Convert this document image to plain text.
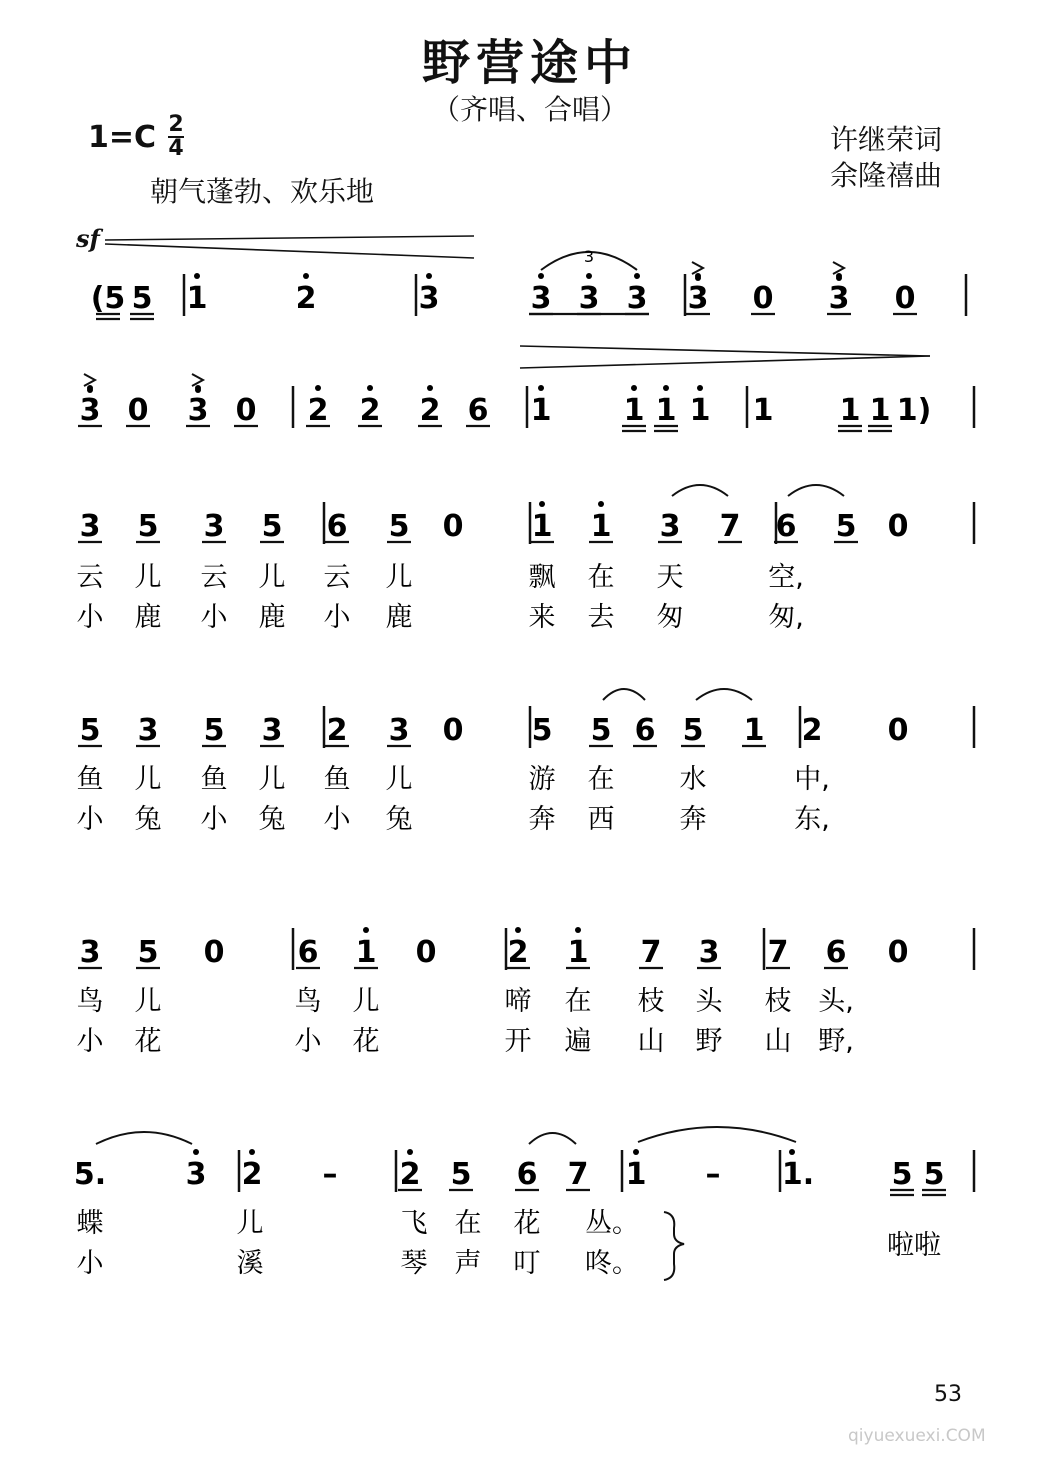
野营途中
（齐唱、合唱）
1=C 2
4
朝气蓬勃、欢乐地
许继荣词
余隆禧曲
sf
53
qiyuexuexi.COM
(5 5 1	2	3	3 3 3
3
3 0 3 0
3 0 3 0 2 2 2 6 1 1 1 1 1 1 1 1)
3 5 3 5 6 5 0 1 1 3 7 6 5 0
云 儿 云 儿 云 儿	飘 在 天	空,
小 鹿 小 鹿 小 鹿	来 去 匆	匆,
5 3 5 3 2 3 0 5 5 6 5 1 2 0
鱼 儿 鱼 儿 鱼 儿	游 在 水	中,
小 兔 小 兔 小 兔	奔 西 奔	东,
3 5 0 6 1 0 2 1 7 3 7 6 0
鸟 儿	鸟 儿	啼 在 枝 头 枝 头,
小 花	小 花	开 遍 山 野 山 野,
5.	3 2 – 2 5 6 7 1 – 1.	5 5
蝶	儿	飞 在 花 丛。
小	溪	琴 声 叮 咚。
啦啦
